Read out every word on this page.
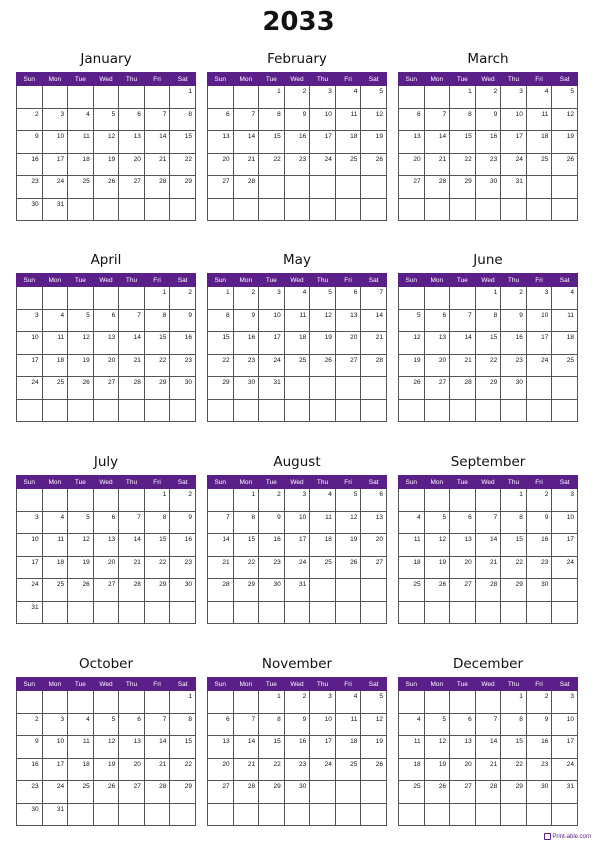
2033
January
Sun	Mon	Tue	Wed	Thu	Fri	Sat

						1

2	3	4	5	6	7	8

9	10	11	12	13	14	15

16	17	18	19	20	21	22

23	24	25	26	27	28	29

30	31					

February
Sun	Mon	Tue	Wed	Thu	Fri	Sat

		1	2	3	4	5

6	7	8	9	10	11	12

13	14	15	16	17	18	19

20	21	22	23	24	25	26

27	28					

March
Sun	Mon	Tue	Wed	Thu	Fri	Sat

		1	2	3	4	5

6	7	8	9	10	11	12

13	14	15	16	17	18	19

20	21	22	23	24	25	26

27	28	29	30	31		

April
Sun	Mon	Tue	Wed	Thu	Fri	Sat

					1	2

3	4	5	6	7	8	9

10	11	12	13	14	15	16

17	18	19	20	21	22	23

24	25	26	27	28	29	30

May
Sun	Mon	Tue	Wed	Thu	Fri	Sat

1	2	3	4	5	6	7

8	9	10	11	12	13	14

15	16	17	18	19	20	21

22	23	24	25	26	27	28

29	30	31				

June
Sun	Mon	Tue	Wed	Thu	Fri	Sat

			1	2	3	4

5	6	7	8	9	10	11

12	13	14	15	16	17	18

19	20	21	22	23	24	25

26	27	28	29	30		

July
Sun	Mon	Tue	Wed	Thu	Fri	Sat

					1	2

3	4	5	6	7	8	9

10	11	12	13	14	15	16

17	18	19	20	21	22	23

24	25	26	27	28	29	30

31						

August
Sun	Mon	Tue	Wed	Thu	Fri	Sat

	1	2	3	4	5	6

7	8	9	10	11	12	13

14	15	16	17	18	19	20

21	22	23	24	25	26	27

28	29	30	31			

September
Sun	Mon	Tue	Wed	Thu	Fri	Sat

				1	2	3

4	5	6	7	8	9	10

11	12	13	14	15	16	17

18	19	20	21	22	23	24

25	26	27	28	29	30	

October
Sun	Mon	Tue	Wed	Thu	Fri	Sat

						1

2	3	4	5	6	7	8

9	10	11	12	13	14	15

16	17	18	19	20	21	22

23	24	25	26	27	28	29

30	31					

November
Sun	Mon	Tue	Wed	Thu	Fri	Sat

		1	2	3	4	5

6	7	8	9	10	11	12

13	14	15	16	17	18	19

20	21	22	23	24	25	26

27	28	29	30			

December
Sun	Mon	Tue	Wed	Thu	Fri	Sat

				1	2	3

4	5	6	7	8	9	10

11	12	13	14	15	16	17

18	19	20	21	22	23	24

25	26	27	28	29	30	31

Print-able.com
